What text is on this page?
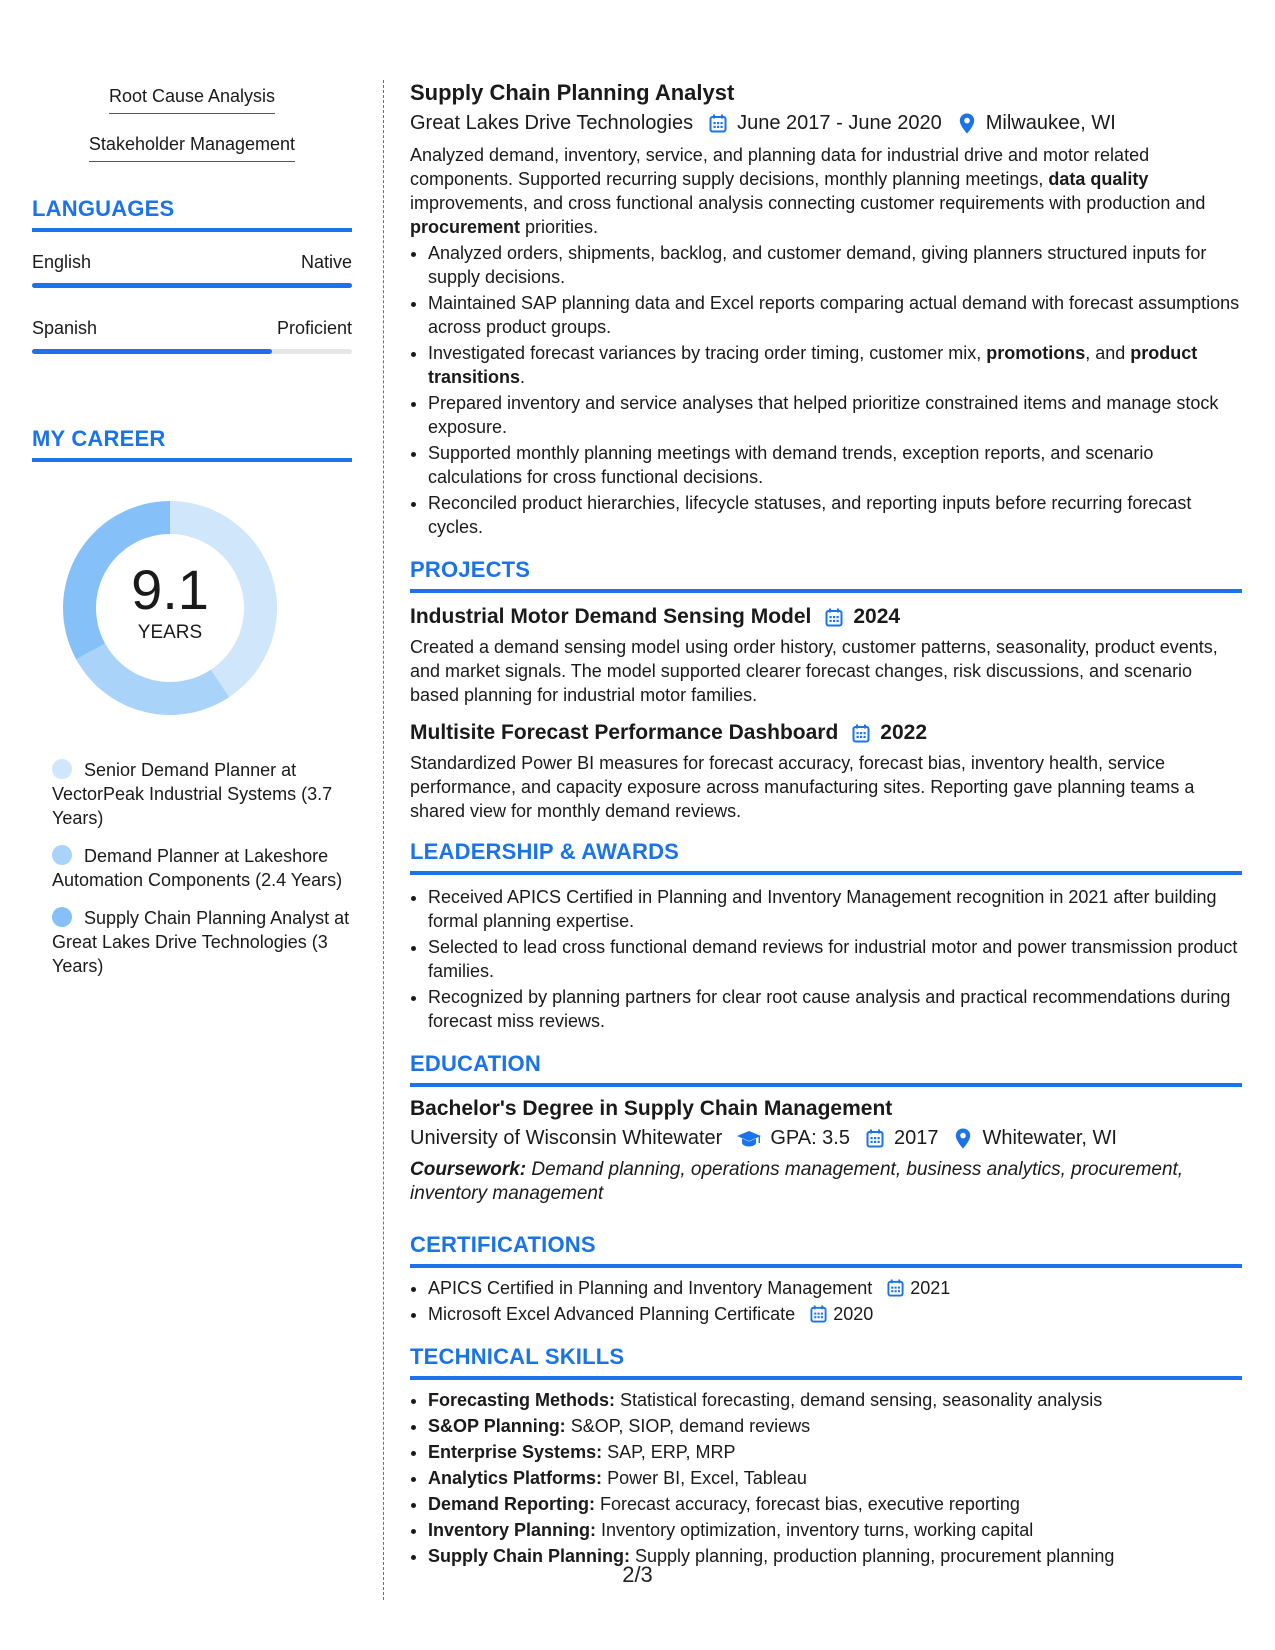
Root Cause Analysis
Stakeholder Management
LANGUAGES
English	Native
Spanish	Proficient
MY CAREER
9.1
YEARS
Senior Demand Planner at VectorPeak Industrial Systems (3.7 Years)
Demand Planner at Lakeshore Automation Components (2.4 Years)
Supply Chain Planning Analyst at Great Lakes Drive Technologies (3 Years)
Supply Chain Planning Analyst
Great Lakes Drive Technologies June 2017 - June 2020 Milwaukee, WI

Analyzed demand, inventory, service, and planning data for industrial drive and motor related components. Supported recurring supply decisions, monthly planning meetings, data quality improvements, and cross functional analysis connecting customer requirements with production and procurement priorities.

• Analyzed orders, shipments, backlog, and customer demand, giving planners structured inputs for supply decisions.
• Maintained SAP planning data and Excel reports comparing actual demand with forecast assumptions across product groups.
• Investigated forecast variances by tracing order timing, customer mix, promotions, and product transitions.
• Prepared inventory and service analyses that helped prioritize constrained items and manage stock exposure.
• Supported monthly planning meetings with demand trends, exception reports, and scenario calculations for cross functional decisions.
• Reconciled product hierarchies, lifecycle statuses, and reporting inputs before recurring forecast cycles.
PROJECTS
Industrial Motor Demand Sensing Model 2024

Created a demand sensing model using order history, customer patterns, seasonality, product events, and market signals. The model supported clearer forecast changes, risk discussions, and scenario based planning for industrial motor families.

Multisite Forecast Performance Dashboard 2022

Standardized Power BI measures for forecast accuracy, forecast bias, inventory health, service performance, and capacity exposure across manufacturing sites. Reporting gave planning teams a shared view for monthly demand reviews.

LEADERSHIP & AWARDS
• Received APICS Certified in Planning and Inventory Management recognition in 2021 after building formal planning expertise.
• Selected to lead cross functional demand reviews for industrial motor and power transmission product families.
• Recognized by planning partners for clear root cause analysis and practical recommendations during forecast miss reviews.
EDUCATION
Bachelor's Degree in Supply Chain Management
University of Wisconsin Whitewater GPA: 3.5 2017 Whitewater, WI

Coursework: Demand planning, operations management, business analytics, procurement, inventory management

CERTIFICATIONS
• APICS Certified in Planning and Inventory Management 2021
• Microsoft Excel Advanced Planning Certificate 2020
TECHNICAL SKILLS
• Forecasting Methods: Statistical forecasting, demand sensing, seasonality analysis
• S&OP Planning: S&OP, SIOP, demand reviews
• Enterprise Systems: SAP, ERP, MRP
• Analytics Platforms: Power BI, Excel, Tableau
• Demand Reporting: Forecast accuracy, forecast bias, executive reporting
• Inventory Planning: Inventory optimization, inventory turns, working capital
• Supply Chain Planning: Supply planning, production planning, procurement planning
2/3
